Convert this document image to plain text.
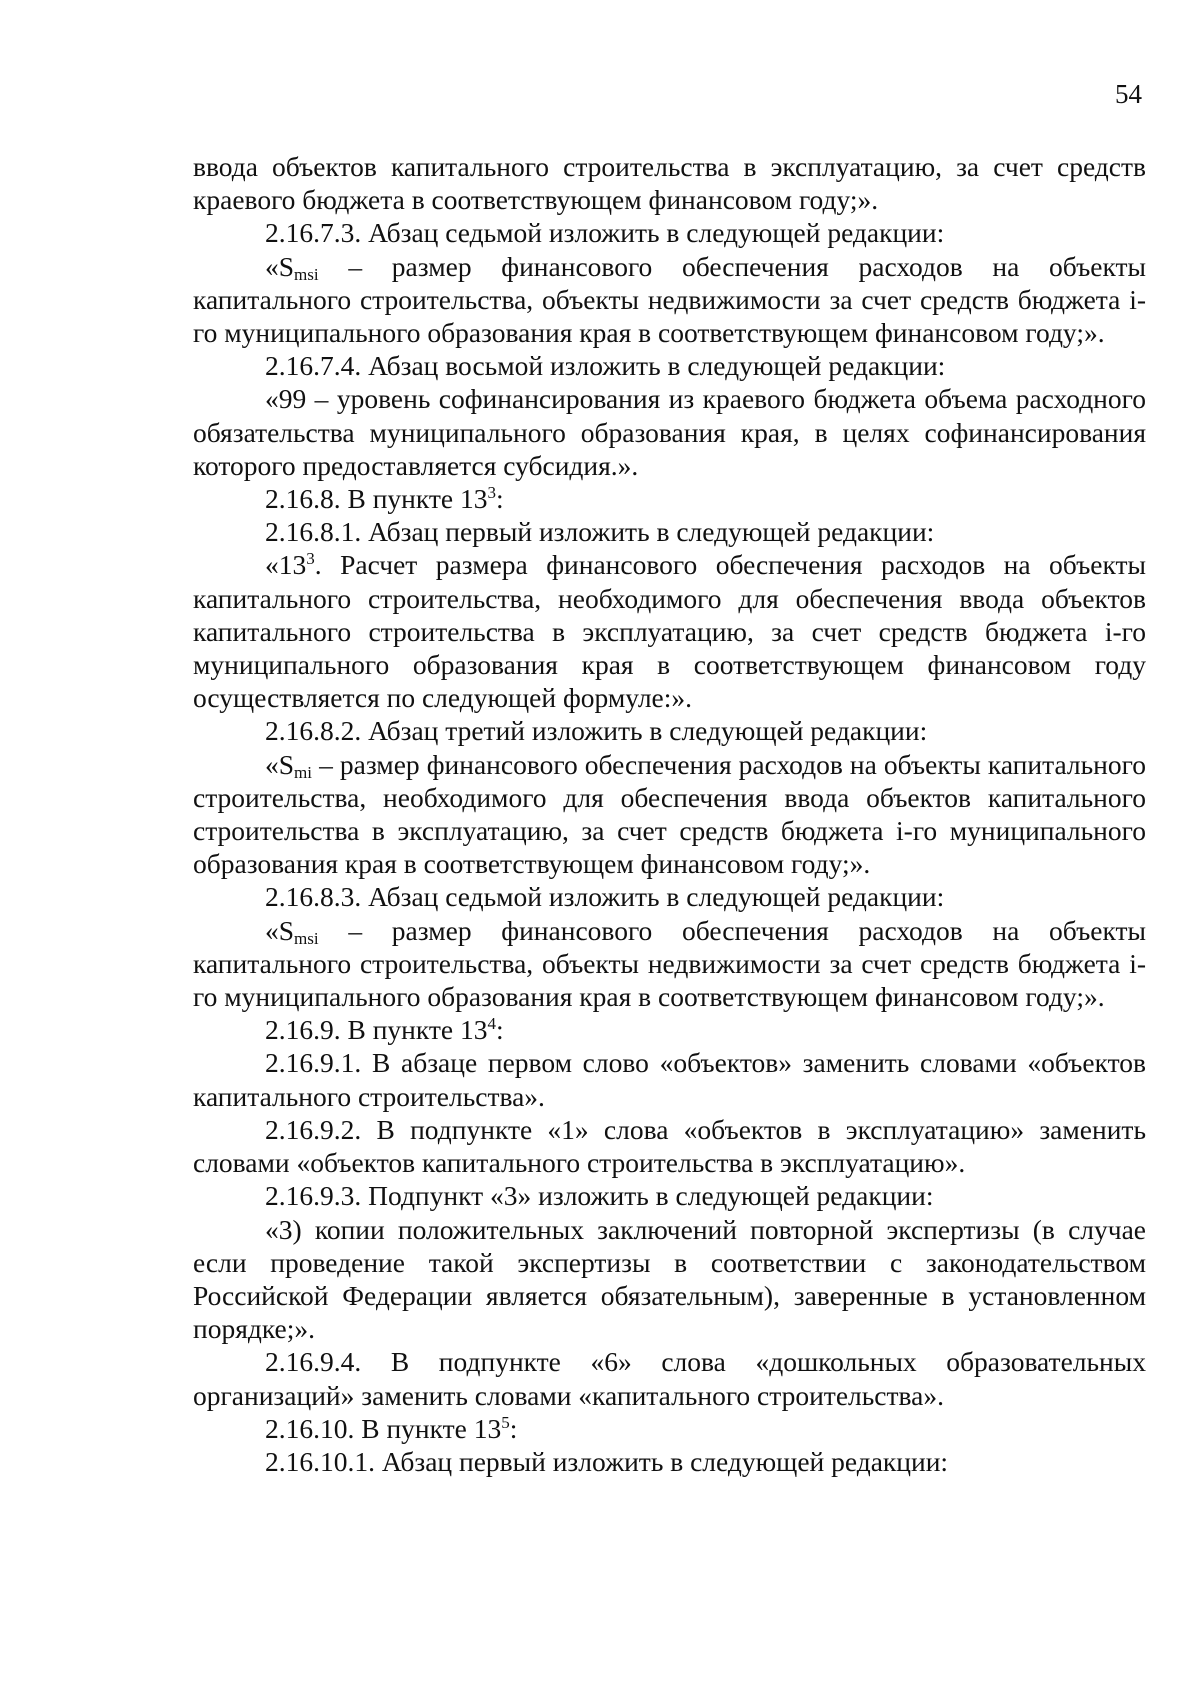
54

ввода объектов капитального строительства в эксплуатацию, за счет средств краевого бюджета в соответствующем финансовом году;».

2.16.7.3. Абзац седьмой изложить в следующей редакции:

«$S_{msi}$ – размер финансового обеспечения расходов на объекты капитального строительства, объекты недвижимости за счет средств бюджета i-го муниципального образования края в соответствующем финансовом году;».

2.16.7.4. Абзац восьмой изложить в следующей редакции:

«99 – уровень софинансирования из краевого бюджета объема расходного обязательства муниципального образования края, в целях софинансирования которого предоставляется субсидия.».

2.16.8. В пункте $13^3$:

2.16.8.1. Абзац первый изложить в следующей редакции:

«$13^3$. Расчет размера финансового обеспечения расходов на объекты капитального строительства, необходимого для обеспечения ввода объектов капитального строительства в эксплуатацию, за счет средств бюджета i-го муниципального образования края в соответствующем финансовом году осуществляется по следующей формуле:».

2.16.8.2. Абзац третий изложить в следующей редакции:

«$S_{mi}$ – размер финансового обеспечения расходов на объекты капитального строительства, необходимого для обеспечения ввода объектов капитального строительства в эксплуатацию, за счет средств бюджета i-го муниципального образования края в соответствующем финансовом году;».

2.16.8.3. Абзац седьмой изложить в следующей редакции:

«$S_{msi}$ – размер финансового обеспечения расходов на объекты капитального строительства, объекты недвижимости за счет средств бюджета i-го муниципального образования края в соответствующем финансовом году;».

2.16.9. В пункте $13^4$:

2.16.9.1. В абзаце первом слово «объектов» заменить словами «объектов капитального строительства».

2.16.9.2. В подпункте «1» слова «объектов в эксплуатацию» заменить словами «объектов капитального строительства в эксплуатацию».

2.16.9.3. Подпункт «3» изложить в следующей редакции:

«3) копии положительных заключений повторной экспертизы (в случае если проведение такой экспертизы в соответствии с законодательством Российской Федерации является обязательным), заверенные в установленном порядке;».

2.16.9.4. В подпункте «6» слова «дошкольных образовательных организаций» заменить словами «капитального строительства».

2.16.10. В пункте $13^5$:

2.16.10.1. Абзац первый изложить в следующей редакции:
